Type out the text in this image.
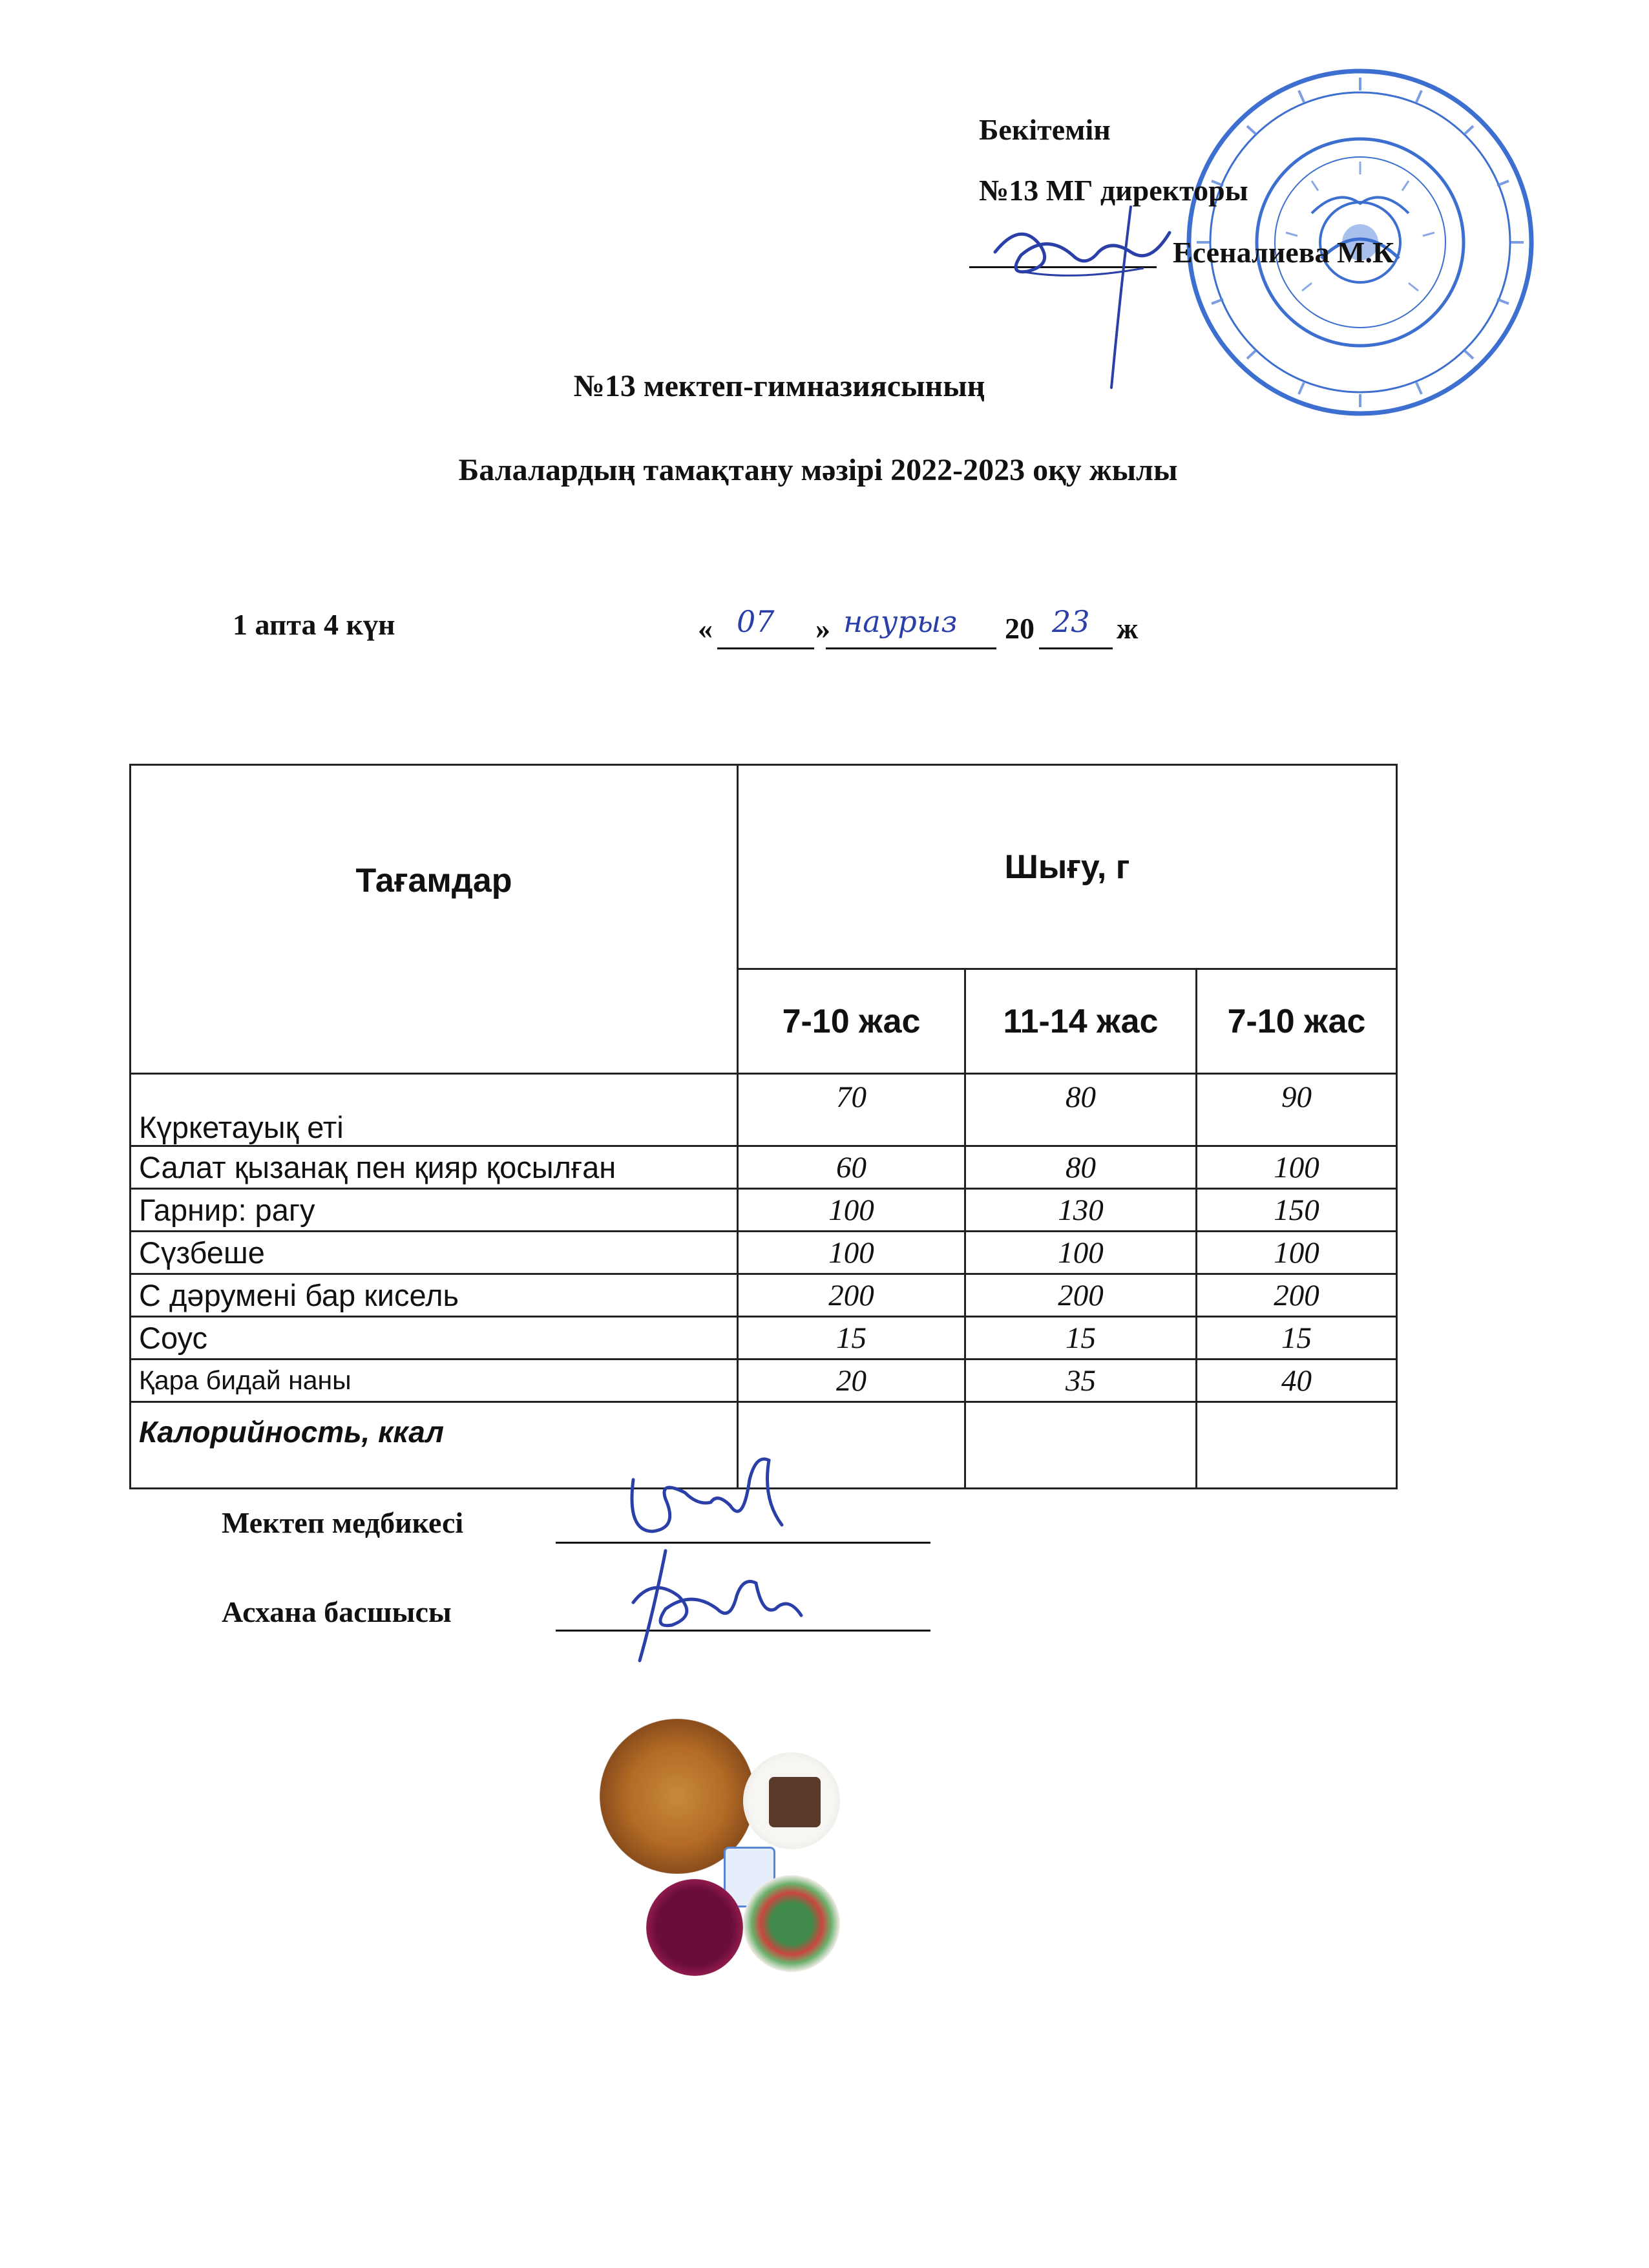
Бекітемін
№13 МГ директоры
Есеналиева М.К
№13 мектеп-гимназиясының
Балалардың тамақтану мәзірі 2022-2023 оқу жылы
1 апта 4 күн	« 07 » наурыз 20 23 ж
Тағамдар	Шығу, г		
	7-10 жас	11-14 жас	7-10 жас
Күркетауық еті	70	80	90
Салат қызанақ пен қияр қосылған	60	80	100
Гарнир: рагу	100	130	150
Сүзбеше	100	100	100
С дәрумені бар кисель	200	200	200
Соус	15	15	15
Қара бидай наны	20	35	40
Калорийность, ккал			
Мектеп медбикесі
Асхана басшысы
